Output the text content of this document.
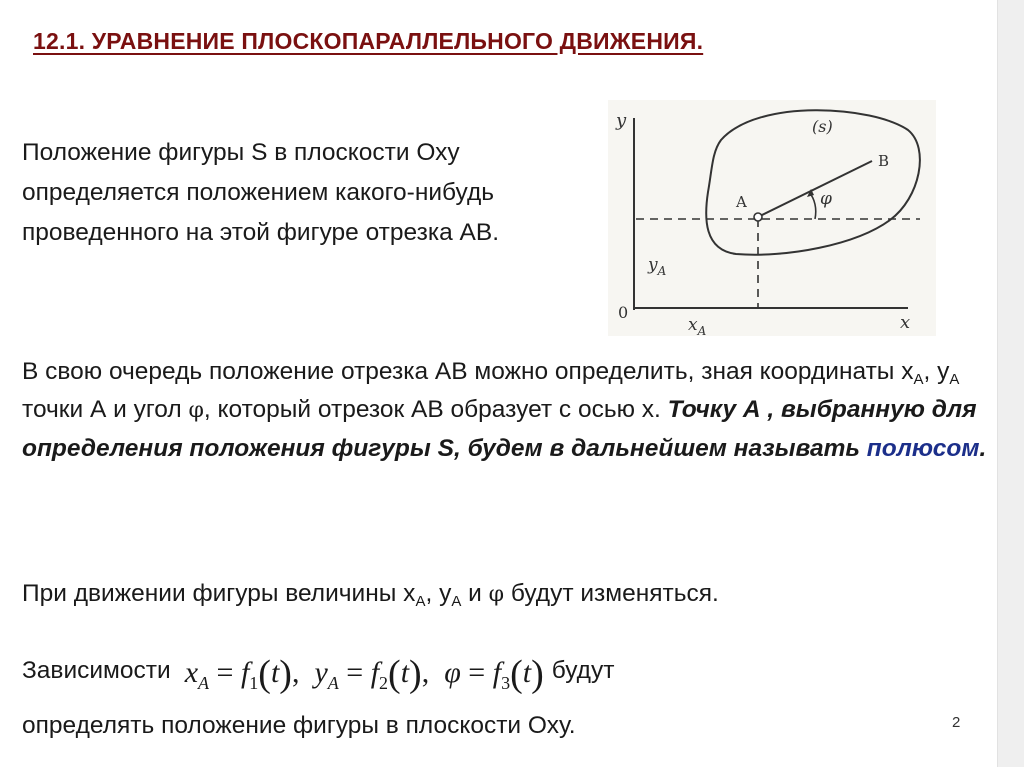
12.1. УРАВНЕНИЕ ПЛОСКОПАРАЛЛЕЛЬНОГО ДВИЖЕНИЯ.
Положение фигуры S в плоскости Оху определяется положением какого-нибудь проведенного на этой фигуре отрезка АВ.
y
x
0
(s)
A
B
φ
$y_A$
$x_A$
В свою очередь положение отрезка АВ можно определить, зная координаты $х_A$, $y_A$ точки А и угол φ, который отрезок АВ образует с осью х. Точку А , выбранную для определения положения фигуры S, будем в дальнейшем называть полюсом.
При движении фигуры величины $х_A$, $y_A$ и φ будут изменяться.
Зависимости $x_A = f_1(t)$, $y_A = f_2(t)$, $\varphi = f_3(t)$ будут
определять положение фигуры в плоскости Оху.	2
